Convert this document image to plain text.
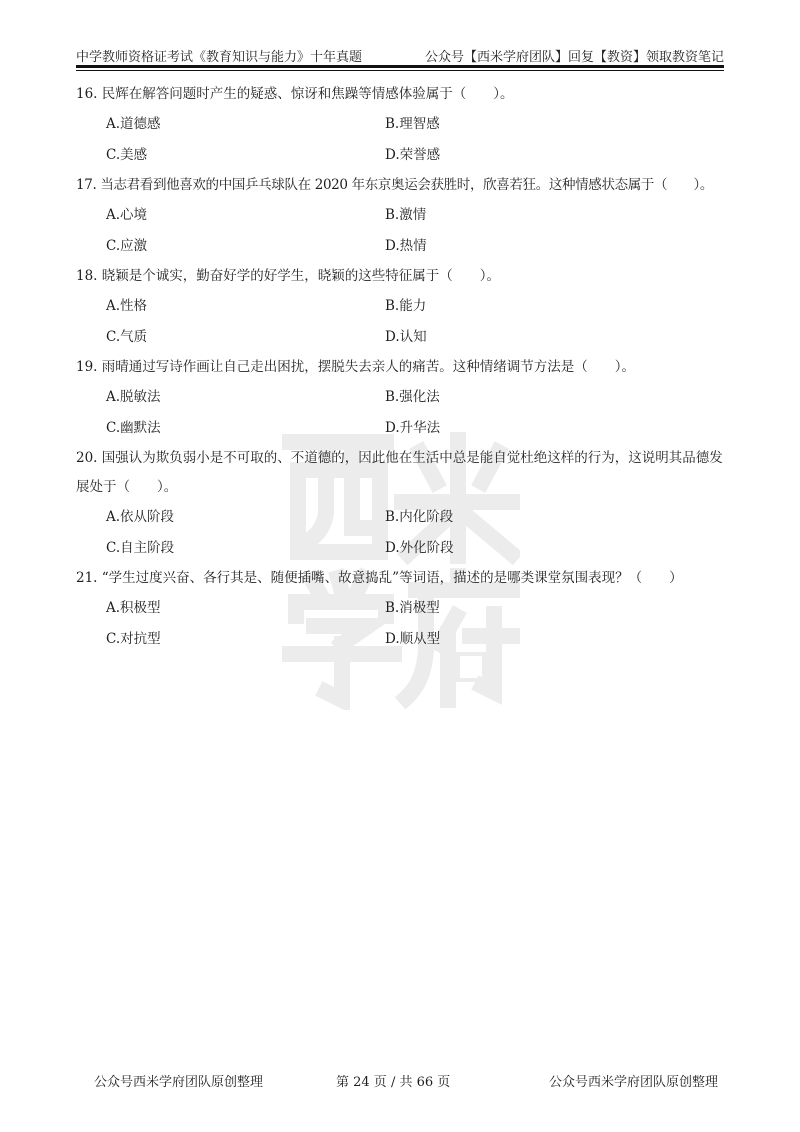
中学教师资格证考试《教育知识与能力》十年真题	公众号【西米学府团队】回复【教资】领取教资笔记
16. 民辉在解答问题时产生的疑惑、惊讶和焦躁等情感体验属于（　　）。
A.道德感	B.理智感
C.美感	D.荣誉感
17. 当志君看到他喜欢的中国乒乓球队在 2020 年东京奥运会获胜时，欣喜若狂。这种情感状态属于（　　）。
A.心境	B.激情
C.应激	D.热情
18. 晓颖是个诚实，勤奋好学的好学生，晓颖的这些特征属于（　　）。
A.性格	B.能力
C.气质	D.认知
19. 雨晴通过写诗作画让自己走出困扰，摆脱失去亲人的痛苦。这种情绪调节方法是（　　）。
A.脱敏法	B.强化法
C.幽默法	D.升华法
20. 国强认为欺负弱小是不可取的、不道德的，因此他在生活中总是能自觉杜绝这样的行为，这说明其品德发展处于（　　）。
A.依从阶段	B.内化阶段
C.自主阶段	D.外化阶段
21. “学生过度兴奋、各行其是、随便插嘴、故意捣乱”等词语，描述的是哪类课堂氛围表现？（　　）
A.积极型	B.消极型
C.对抗型	D.顺从型
公众号西米学府团队原创整理	第 24 页 / 共 66 页	公众号西米学府团队原创整理
